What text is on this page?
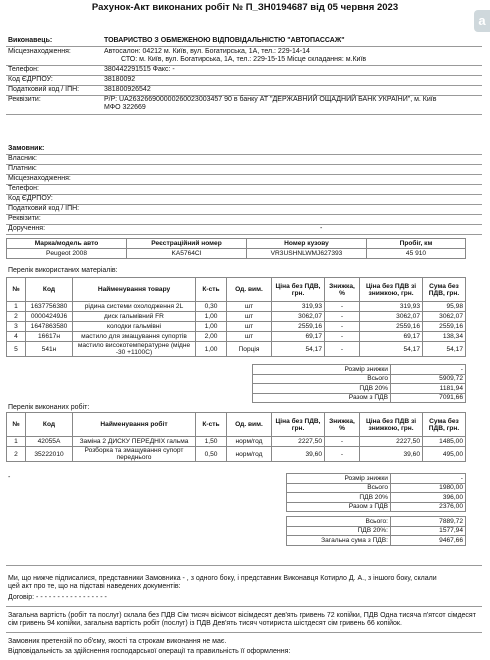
Рахунок-Акт виконаних робіт № П_ЗН0194687 від 05 червня 2023
a
Виконавець:	ТОВАРИСТВО З ОБМЕЖЕНОЮ ВІДПОВІДАЛЬНІСТЮ "АВТОПАССАЖ"
Місцезнаходження:	Автосалон: 04212 м. Київ, вул. Богатирська, 1А, тел.: 229-14-14
СТО: м. Київ, вул. Богатирська, 1А, тел.: 229-15-15 Місце складання: м.Київ
Телефон:	380442291515 Факс: -
Код ЄДРПОУ:	38180092
Податковий код / ІПН:	381800926542
Реквізити:	Р/Р: UA263266900000260023003457 90 в банку АТ "ДЕРЖАВНИЙ ОЩАДНИЙ БАНК УКРАЇНИ", м. Київ
МФО 322669
Замовник:
Власник:
Платник:
Місцезнаходження:
Телефон:
Код ЄДРПОУ:
Податковий код / ІПН:
Реквізити:
Доручення:	-
Марка/модель авто	Реєстраційний номер	Номер кузову	Пробіг, км
Peugeot 2008	KA5764CI	VR3USHNLWMJ627393	45 910
Перелік використаних матеріалів:
№	Код	Найменування товару	К-сть	Од. вим.	Ціна без ПДВ, грн.	Знижка, %	Ціна без ПДВ зі знижкою, грн.	Сума без ПДВ, грн.
1	1637756380	рідина системи охолодження 2L	0,30	шт	319,93	-	319,93	95,98
2	00004249J6	диск гальмівний FR	1,00	шт	3062,07	-	3062,07	3062,07
3	1647863580	колодки гальмівні	1,00	шт	2559,16	-	2559,16	2559,16
4	16617н	мастило для змащування супортів	2,00	шт	69,17	-	69,17	138,34
5	541н	мастило високотемпературне (мідне -30 +1100С)	1,00	Порція	54,17	-	54,17	54,17
Розмір знижки	-
Всього	5909,72
ПДВ 20%	1181,94
Разом з ПДВ	7091,66
Перелік виконаних робіт:
№	Код	Найменування робіт	К-сть	Од. вим.	Ціна без ПДВ, грн.	Знижка, %	Ціна без ПДВ зі знижкою, грн.	Сума без ПДВ, грн.
1	42055A	Заміна 2 ДИСКУ ПЕРЕДНІХ гальма	1,50	норм/год	2227,50	-	2227,50	1485,00
2	35222010	Розборка та змащування супорт переднього	0,50	норм/год	39,60	-	39,60	495,00
-	Розмір знижки	-
Всього	1980,00
ПДВ 20%	396,00
Разом з ПДВ	2376,00
Всього:	7889,72
ПДВ 20%:	1577,94
Загальна сума з ПДВ:	9467,66
Ми, що нижче підписалися, представники Замовника - , з одного боку, і представник Виконавця Котирло Д. А., з іншого боку, склали
цей акт про те, що на підставі наведених документів:
Договір: - - - - - - - - - - - - - - - - -
Загальна вартість (робіт та послуг) склала без ПДВ Сім тисяч вісімсот вісімдесят дев'ять гривень 72 копійки, ПДВ Одна тисяча п'ятсот сімдесят
сім гривень 94 копійки, загальна вартість робіт (послуг) із ПДВ Дев'ять тисяч чотириста шістдесят сім гривень 66 копійок.
Замовник претензій по об'єму, якості та строкам виконання не має.
Відповідальність за здійснення господарської операції та правильність її оформлення:
